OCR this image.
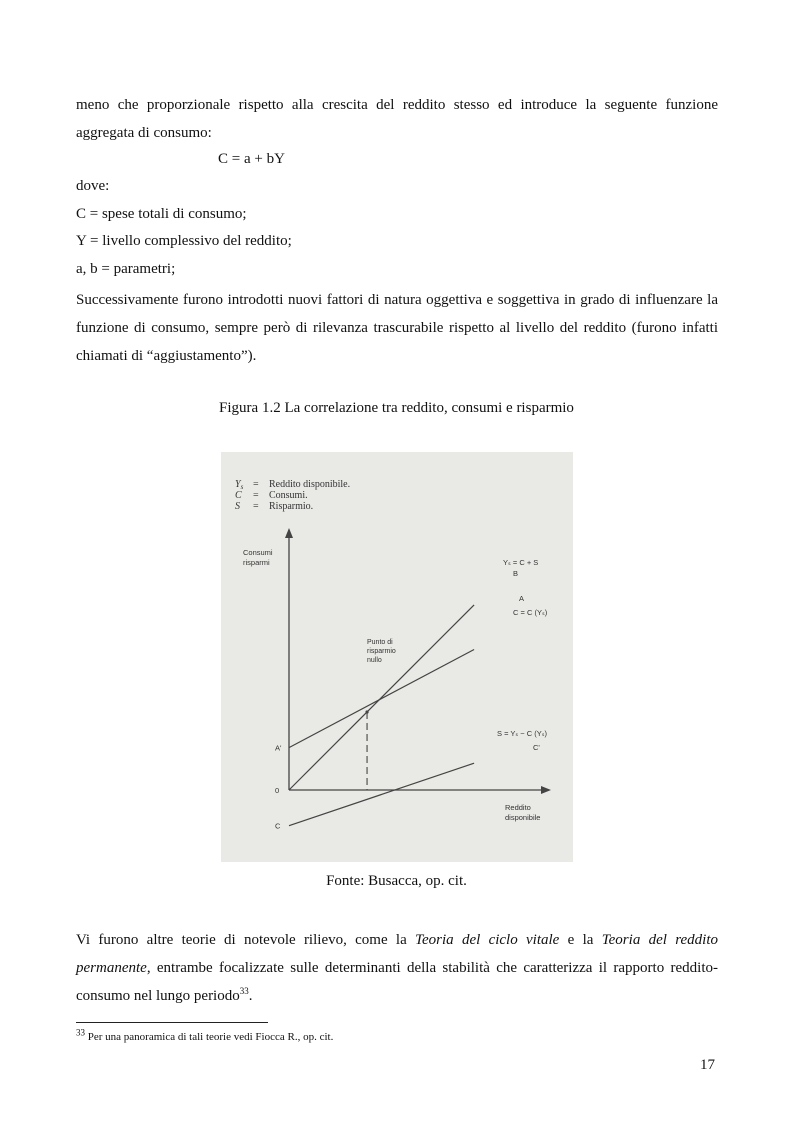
meno che proporzionale rispetto alla crescita del reddito stesso ed introduce la seguente funzione aggregata di consumo:

C = a + bY

dove:

C = spese totali di consumo;

Y = livello complessivo del reddito;

a, b = parametri;

Successivamente furono introdotti nuovi fattori di natura oggettiva e soggettiva in grado di influenzare la funzione di consumo, sempre però di rilevanza trascurabile rispetto al livello del reddito (furono infatti chiamati di “aggiustamento”).

Figura 1.2 La correlazione tra reddito, consumi e risparmio

$Y_s$ = Reddito disponibile.
C = Consumi.
S = Risparmio.
Consumi
risparmi
Reddito
disponibile
Yₛ = C + S
B
C = C (Yₛ)
A
S = Yₛ − C (Yₛ)
C'
Punto di
risparmio
nullo
A'
0
C

Fonte: Busacca, op. cit.

Vi furono altre teorie di notevole rilievo, come la Teoria del ciclo vitale e la Teoria del reddito permanente, entrambe focalizzate sulle determinanti della stabilità che caratterizza il rapporto reddito-consumo nel lungo periodo$^{33}$.

$^{33}$ Per una panoramica di tali teorie vedi Fiocca R., op. cit.
17
